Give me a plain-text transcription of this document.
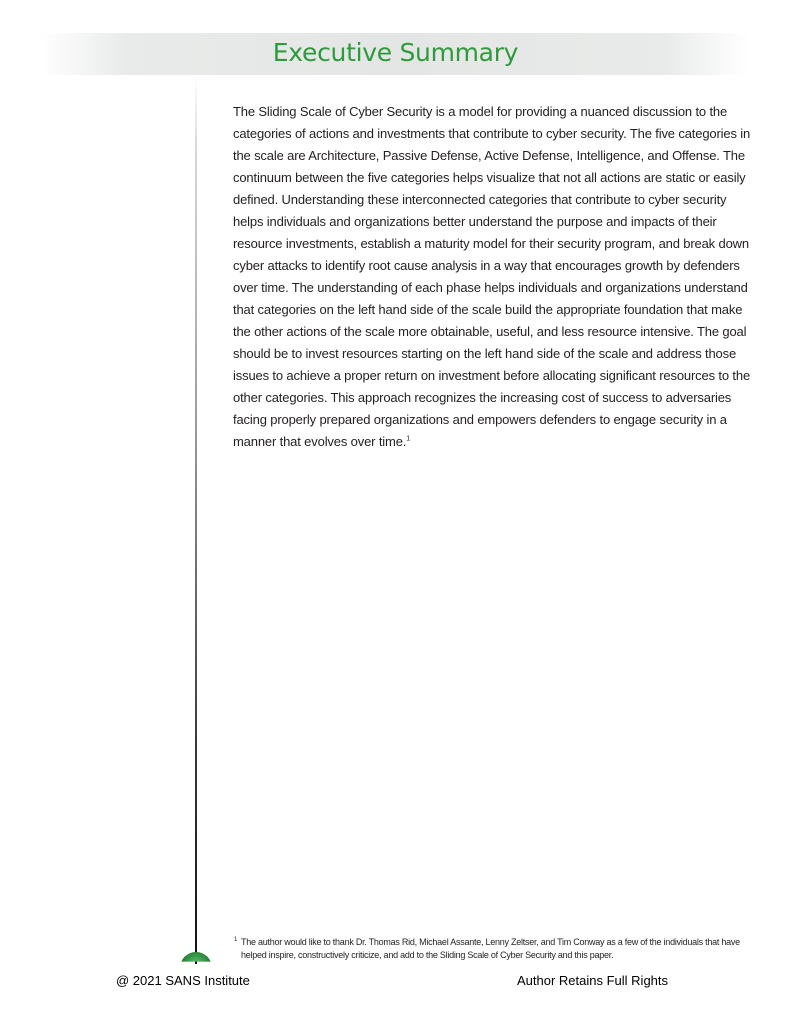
Executive Summary

The Sliding Scale of Cyber Security is a model for providing a nuanced discussion to the categories of actions and investments that contribute to cyber security. The five categories in the scale are Architecture, Passive Defense, Active Defense, Intelligence, and Offense. The continuum between the five categories helps visualize that not all actions are static or easily defined. Understanding these interconnected categories that contribute to cyber security helps individuals and organizations better understand the purpose and impacts of their resource investments, establish a maturity model for their security program, and break down cyber attacks to identify root cause analysis in a way that encourages growth by defenders over time. The understanding of each phase helps individuals and organizations understand that categories on the left hand side of the scale build the appropriate foundation that make the other actions of the scale more obtainable, useful, and less resource intensive. The goal should be to invest resources starting on the left hand side of the scale and address those issues to achieve a proper return on investment before allocating significant resources to the other categories. This approach recognizes the increasing cost of success to adversaries facing properly prepared organizations and empowers defenders to engage security in a manner that evolves over time.$^1$

1 The author would like to thank Dr. Thomas Rid, Michael Assante, Lenny Zeltser, and Tim Conway as a few of the individuals that have helped inspire, constructively criticize, and add to the Sliding Scale of Cyber Security and this paper.
@ 2021 SANS Institute	Author Retains Full Rights
